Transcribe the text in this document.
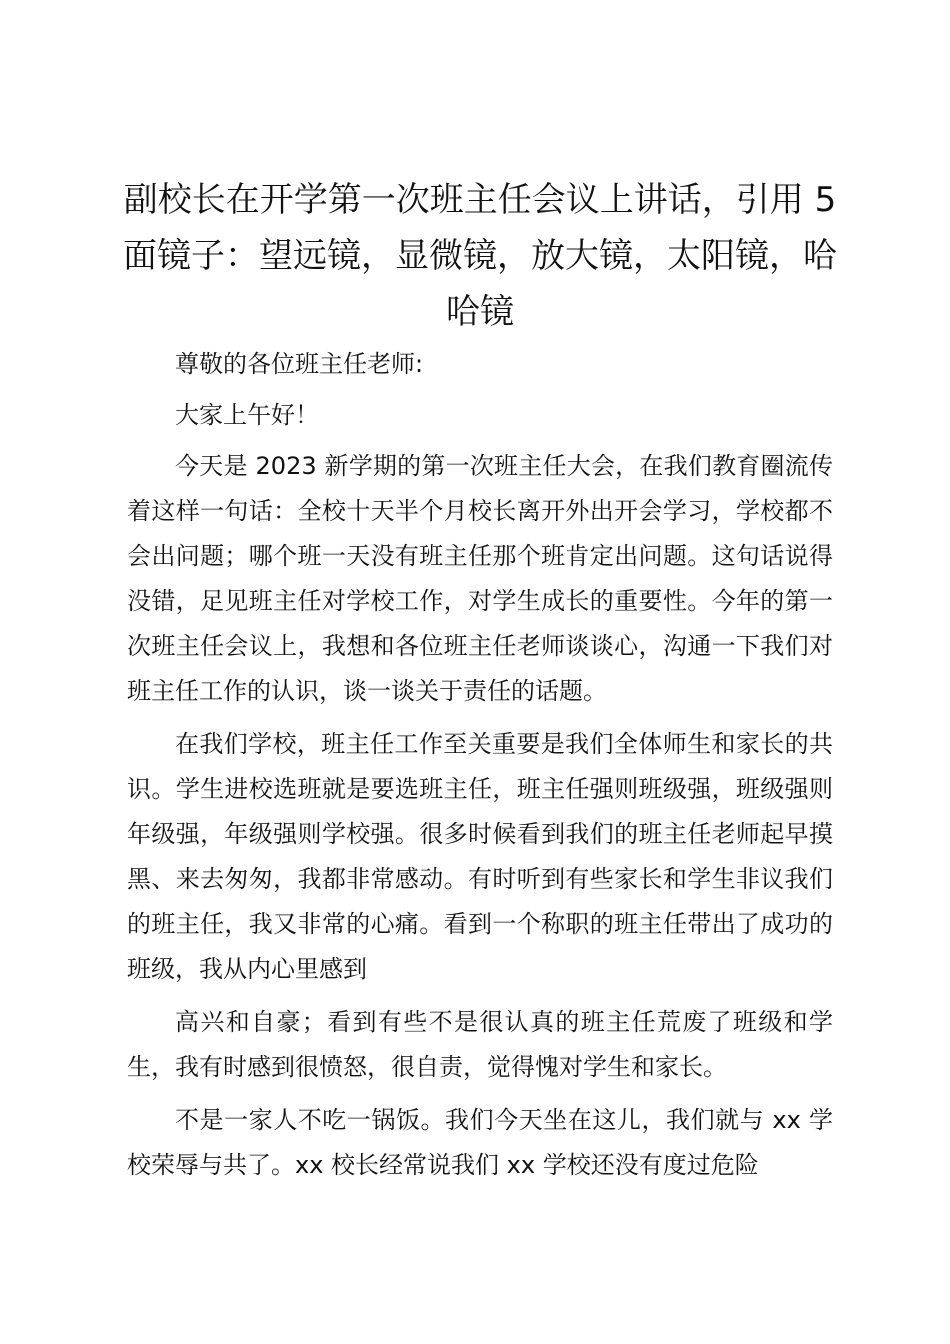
副校长在开学第一次班主任会议上讲话，引用 5 面镜子：望远镜，显微镜，放大镜，太阳镜，哈哈镜

尊敬的各位班主任老师:

大家上午好！

今天是 2023 新学期的第一次班主任大会，在我们教育圈流传着这样一句话：全校十天半个月校长离开外出开会学习，学校都不会出问题；哪个班一天没有班主任那个班肯定出问题。这句话说得没错，足见班主任对学校工作，对学生成长的重要性。今年的第一次班主任会议上，我想和各位班主任老师谈谈心，沟通一下我们对班主任工作的认识，谈一谈关于责任的话题。

在我们学校，班主任工作至关重要是我们全体师生和家长的共识。学生进校选班就是要选班主任，班主任强则班级强，班级强则年级强，年级强则学校强。很多时候看到我们的班主任老师起早摸黑、来去匆匆，我都非常感动。有时听到有些家长和学生非议我们的班主任，我又非常的心痛。看到一个称职的班主任带出了成功的班级，我从内心里感到

高兴和自豪；看到有些不是很认真的班主任荒废了班级和学生，我有时感到很愤怒，很自责，觉得愧对学生和家长。

不是一家人不吃一锅饭。我们今天坐在这儿，我们就与 xx 学校荣辱与共了。xx 校长经常说我们 xx 学校还没有度过危险
